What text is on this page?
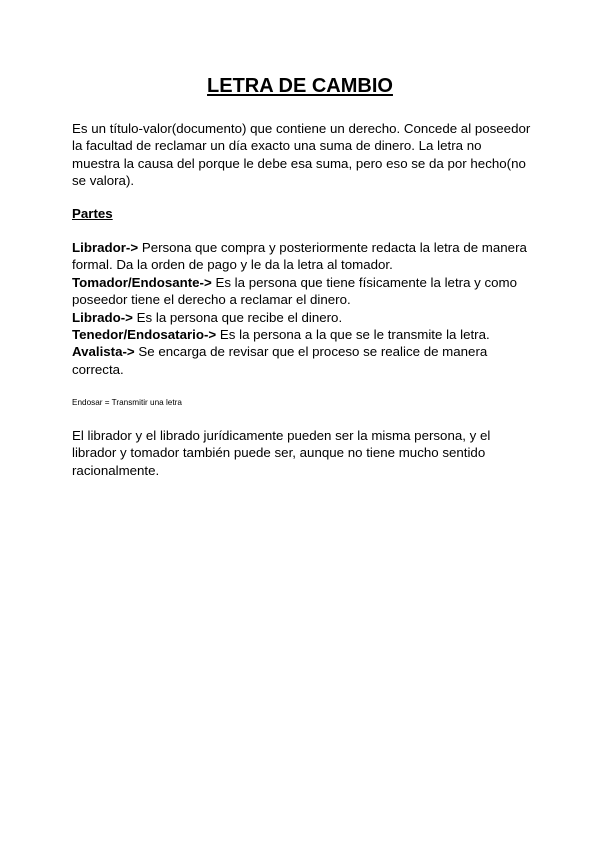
LETRA DE CAMBIO

Es un título-valor(documento) que contiene un derecho. Concede al poseedor la facultad de reclamar un día exacto una suma de dinero. La letra no muestra la causa del porque le debe esa suma, pero eso se da por hecho(no se valora).

Partes

Librador-> Persona que compra y posteriormente redacta la letra de manera formal. Da la orden de pago y le da la letra al tomador.

Tomador/Endosante-> Es la persona que tiene físicamente la letra y como poseedor tiene el derecho a reclamar el dinero.

Librado-> Es la persona que recibe el dinero.

Tenedor/Endosatario-> Es la persona a la que se le transmite la letra.

Avalista-> Se encarga de revisar que el proceso se realice de manera correcta.

Endosar = Transmitir una letra

El librador y el librado jurídicamente pueden ser la misma persona, y el librador y tomador también puede ser, aunque no tiene mucho sentido racionalmente.
